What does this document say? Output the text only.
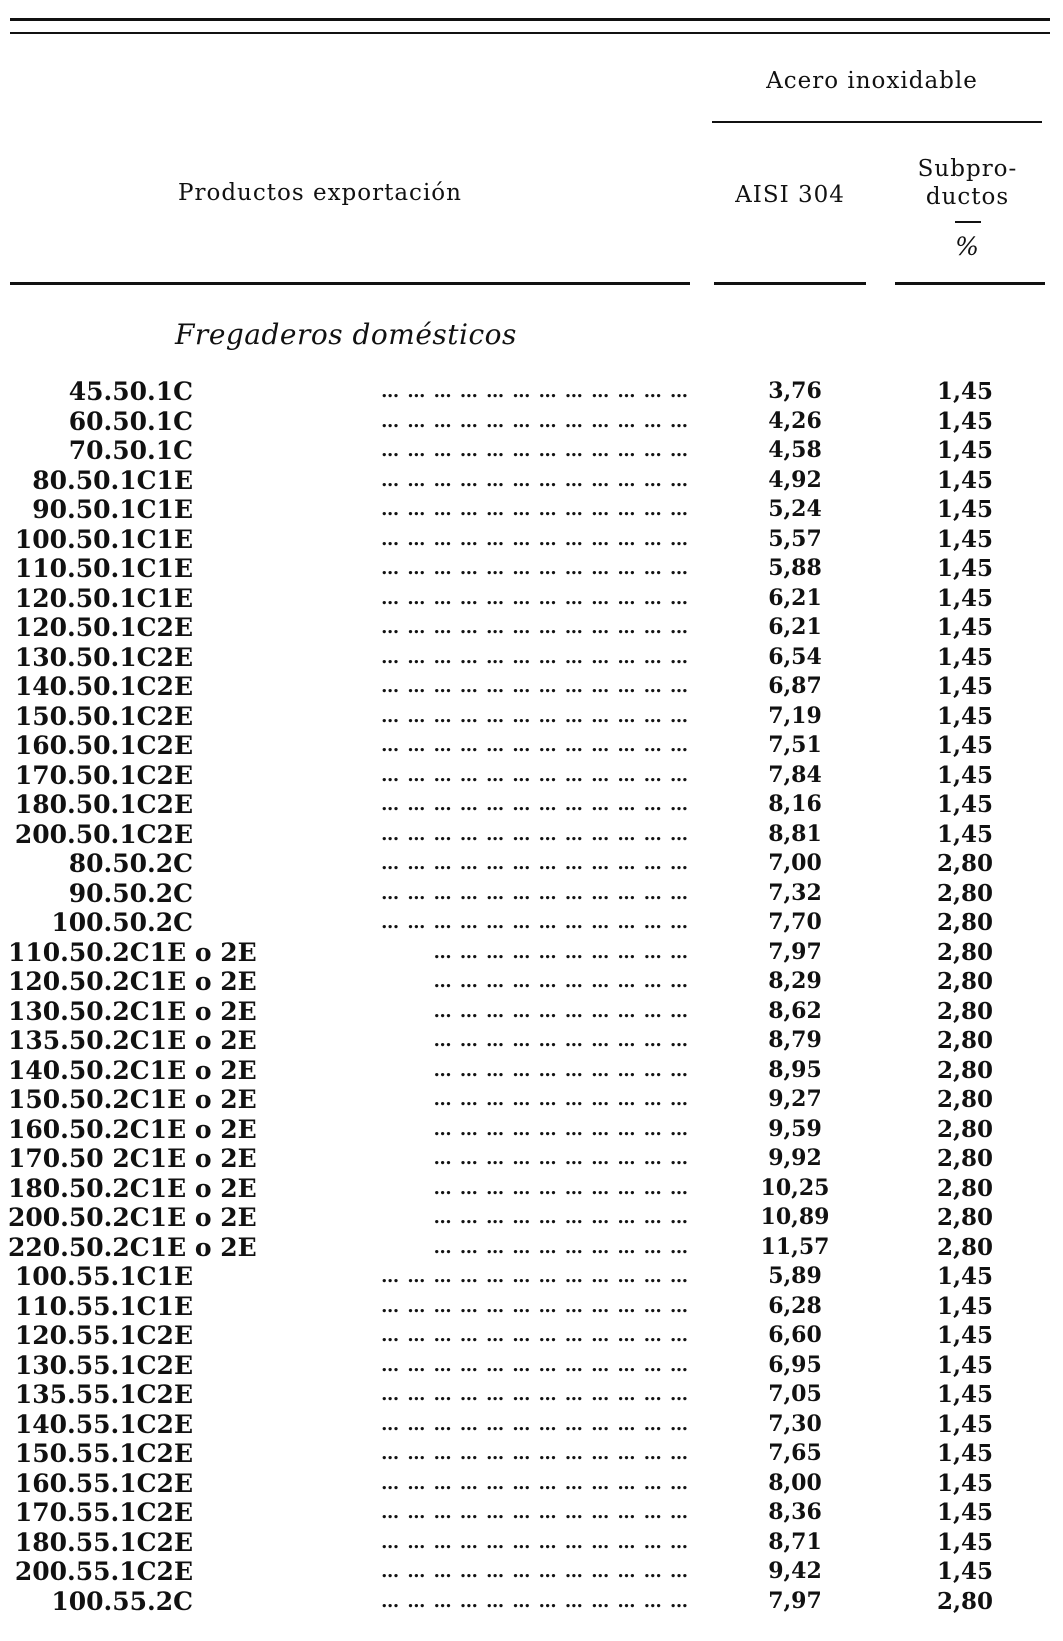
Acero inoxidable
Productos exportación	AISI 304
Subpro-
ductos
%
Fregaderos domésticos
45.50.1C	… … … … … … … … … … … …	3,76	1,45
60.50.1C	… … … … … … … … … … … …	4,26	1,45
70.50.1C	… … … … … … … … … … … …	4,58	1,45
80.50.1C1E	… … … … … … … … … … … …	4,92	1,45
90.50.1C1E	… … … … … … … … … … … …	5,24	1,45
100.50.1C1E	… … … … … … … … … … … …	5,57	1,45
110.50.1C1E	… … … … … … … … … … … …	5,88	1,45
120.50.1C1E	… … … … … … … … … … … …	6,21	1,45
120.50.1C2E	… … … … … … … … … … … …	6,21	1,45
130.50.1C2E	… … … … … … … … … … … …	6,54	1,45
140.50.1C2E	… … … … … … … … … … … …	6,87	1,45
150.50.1C2E	… … … … … … … … … … … …	7,19	1,45
160.50.1C2E	… … … … … … … … … … … …	7,51	1,45
170.50.1C2E	… … … … … … … … … … … …	7,84	1,45
180.50.1C2E	… … … … … … … … … … … …	8,16	1,45
200.50.1C2E	… … … … … … … … … … … …	8,81	1,45
80.50.2C	… … … … … … … … … … … …	7,00	2,80
90.50.2C	… … … … … … … … … … … …	7,32	2,80
100.50.2C	… … … … … … … … … … … …	7,70	2,80
110.50.2C1E o 2E	… … … … … … … … … …	7,97	2,80
120.50.2C1E o 2E	… … … … … … … … … …	8,29	2,80
130.50.2C1E o 2E	… … … … … … … … … …	8,62	2,80
135.50.2C1E o 2E	… … … … … … … … … …	8,79	2,80
140.50.2C1E o 2E	… … … … … … … … … …	8,95	2,80
150.50.2C1E o 2E	… … … … … … … … … …	9,27	2,80
160.50.2C1E o 2E	… … … … … … … … … …	9,59	2,80
170.50 2C1E o 2E	… … … … … … … … … …	9,92	2,80
180.50.2C1E o 2E	… … … … … … … … … …	10,25	2,80
200.50.2C1E o 2E	… … … … … … … … … …	10,89	2,80
220.50.2C1E o 2E	… … … … … … … … … …	11,57	2,80
100.55.1C1E	… … … … … … … … … … … …	5,89	1,45
110.55.1C1E	… … … … … … … … … … … …	6,28	1,45
120.55.1C2E	… … … … … … … … … … … …	6,60	1,45
130.55.1C2E	… … … … … … … … … … … …	6,95	1,45
135.55.1C2E	… … … … … … … … … … … …	7,05	1,45
140.55.1C2E	… … … … … … … … … … … …	7,30	1,45
150.55.1C2E	… … … … … … … … … … … …	7,65	1,45
160.55.1C2E	… … … … … … … … … … … …	8,00	1,45
170.55.1C2E	… … … … … … … … … … … …	8,36	1,45
180.55.1C2E	… … … … … … … … … … … …	8,71	1,45
200.55.1C2E	… … … … … … … … … … … …	9,42	1,45
100.55.2C	… … … … … … … … … … … …	7,97	2,80
